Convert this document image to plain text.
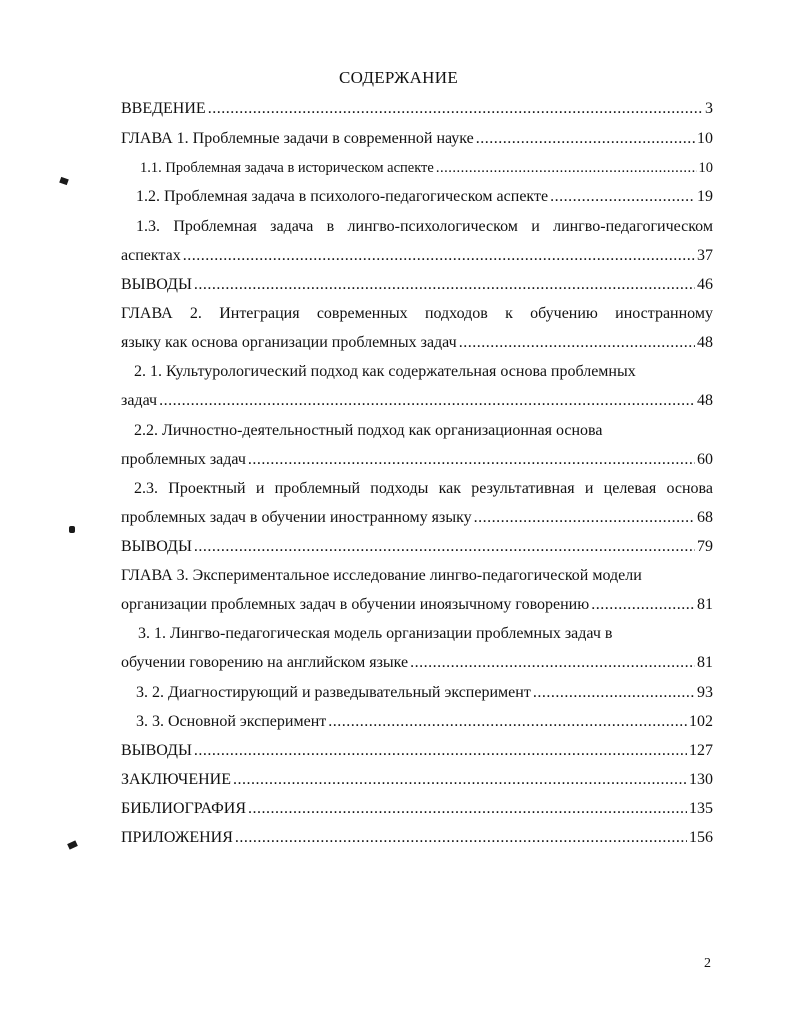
СОДЕРЖАНИЕ
ВВЕДЕНИЕ .....	3
ГЛАВА 1. Проблемные задачи в современной науке .....	10
1.1. Проблемная задача в историческом аспекте .....	10
1.2. Проблемная задача в психолого-педагогическом аспекте .....	19
1.3. Проблемная задача в лингво-психологическом и лингво-педагогическом
аспектах .....	37
ВЫВОДЫ .....	46
ГЛАВА 2. Интеграция современных подходов к обучению иностранному
языку как основа организации проблемных задач .....	48
2. 1. Культурологический подход как содержательная основа проблемных
задач .....	48
2.2. Личностно-деятельностный подход как организационная основа
проблемных задач .....	60
2.3. Проектный и проблемный подходы как результативная и целевая основа
проблемных задач в обучении иностранному языку .....	68
ВЫВОДЫ .....	79
ГЛАВА 3. Экспериментальное исследование лингво-педагогической модели
организации проблемных задач в обучении иноязычному говорению .....	81
3. 1. Лингво-педагогическая модель организации проблемных задач в
обучении говорению на английском языке .....	81
3. 2. Диагностирующий и разведывательный эксперимент .....	93
3. 3. Основной эксперимент .....	102
ВЫВОДЫ .....	127
ЗАКЛЮЧЕНИЕ .....	130
БИБЛИОГРАФИЯ .....	135
ПРИЛОЖЕНИЯ .....	156
2
